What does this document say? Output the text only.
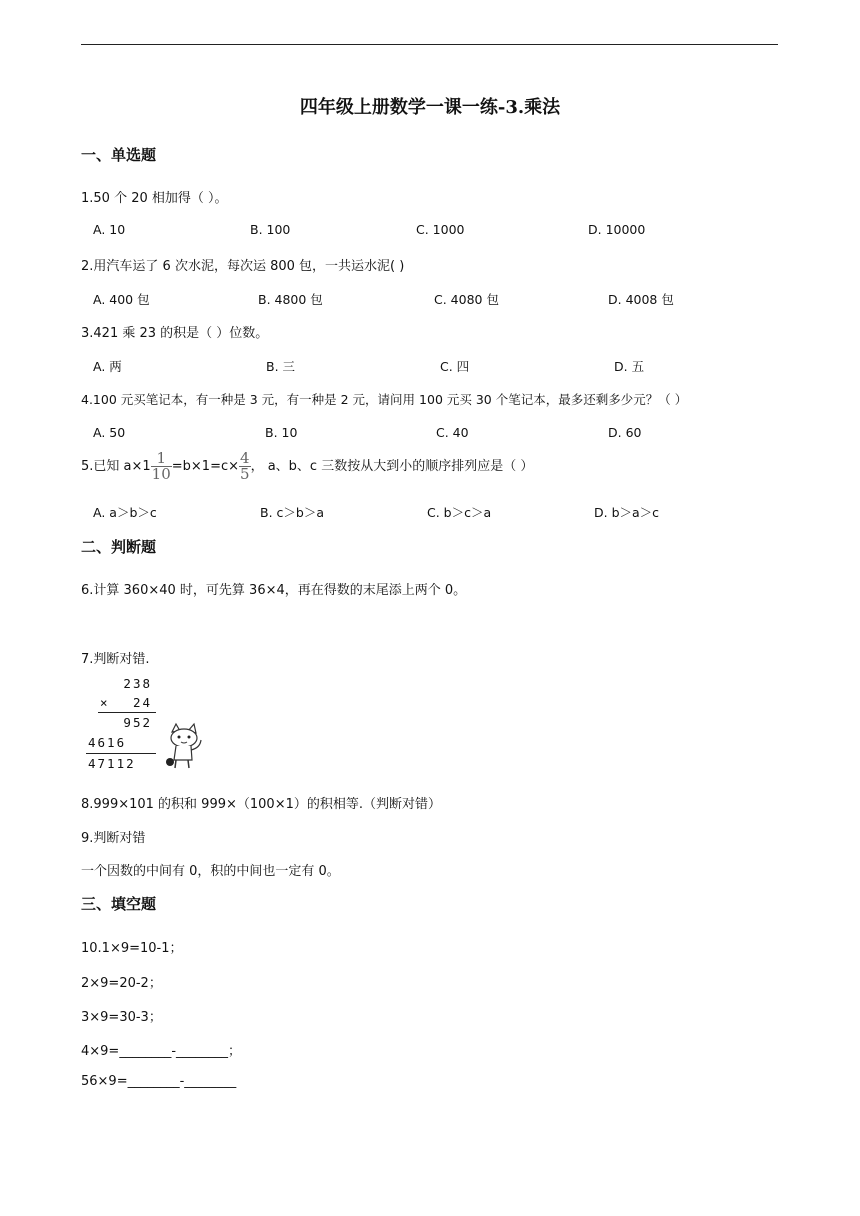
四年级上册数学一课一练-3.乘法
一、单选题
1.50 个 20 相加得（ ）。
A. 10	B. 100	C. 1000	D. 10000
2.用汽车运了 6 次水泥，每次运 800 包，一共运水泥( )
A. 400 包	B. 4800 包	C. 4080 包	D. 4008 包
3.421 乘 23 的积是（ ）位数。
A. 两	B. 三	C. 四	D. 五
4.100 元买笔记本，有一种是 3 元，有一种是 2 元，请问用 100 元买 30 个笔记本，最多还剩多少元？（ ）
A. 50	B. 10	C. 40	D. 60
5.已知 $a\times 1 \frac{1}{10} =b\times 1=c\times \frac{4}{5}$ ， a、b、c 三数按从大到小的顺序排列应是（ ）
A. a＞b＞c	B. c＞b＞a	C. b＞c＞a	D. b＞a＞c
二、判断题
6.计算 360×40 时，可先算 36×4，再在得数的末尾添上两个 0。
7.判断对错.
238
× 24
952
4616
47112
8.999×101 的积和 999×（100×1）的积相等.（判断对错）
9.判断对错
一个因数的中间有 0，积的中间也一定有 0。
三、填空题
10.1×9=10-1；
2×9=20-2；
3×9=30-3；
4×9=________-________；
56×9=________-________
